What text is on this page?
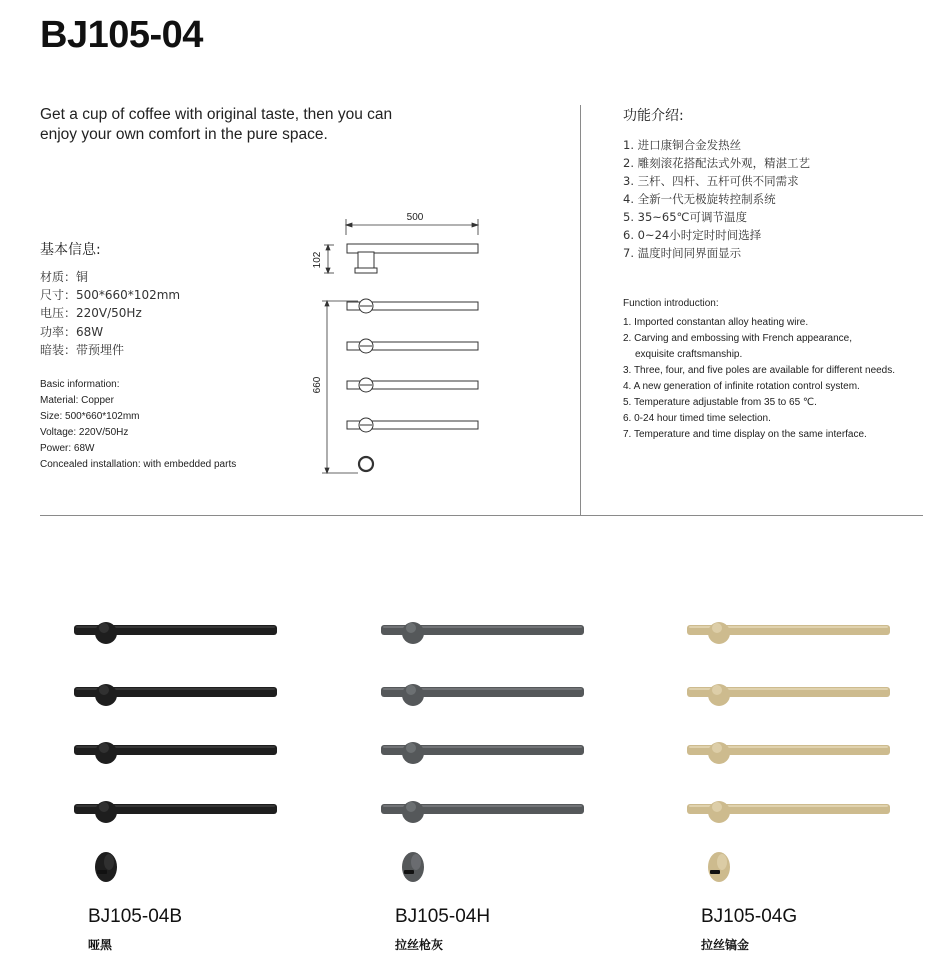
BJ105-04
Get a cup of coffee with original taste, then you can enjoy your own comfort in the pure space.
基本信息:
材质：铜
尺寸：500*660*102mm
电压：220V/50Hz
功率：68W
暗装：带预埋件
Basic information:
Material: Copper
Size: 500*660*102mm
Voltage: 220V/50Hz
Power: 68W
Concealed installation: with embedded parts
500
102
660
功能介绍:
1. 进口康铜合金发热丝
2. 雕刻滚花搭配法式外观，精湛工艺
3. 三杆、四杆、五杆可供不同需求
4. 全新一代无极旋转控制系统
5. 35~65℃可调节温度
6. 0~24小时定时时间选择
7. 温度时间同界面显示
Function introduction:
1. Imported constantan alloy heating wire.
2. Carving and embossing with French appearance,
exquisite craftsmanship.
3. Three, four, and five poles are available for different needs.
4. A new generation of infinite rotation control system.
5. Temperature adjustable from 35 to 65 ℃.
6. 0-24 hour timed time selection.
7. Temperature and time display on the same interface.
BJ105-04B
哑黑
BJ105-04H
拉丝枪灰
BJ105-04G
拉丝镐金
